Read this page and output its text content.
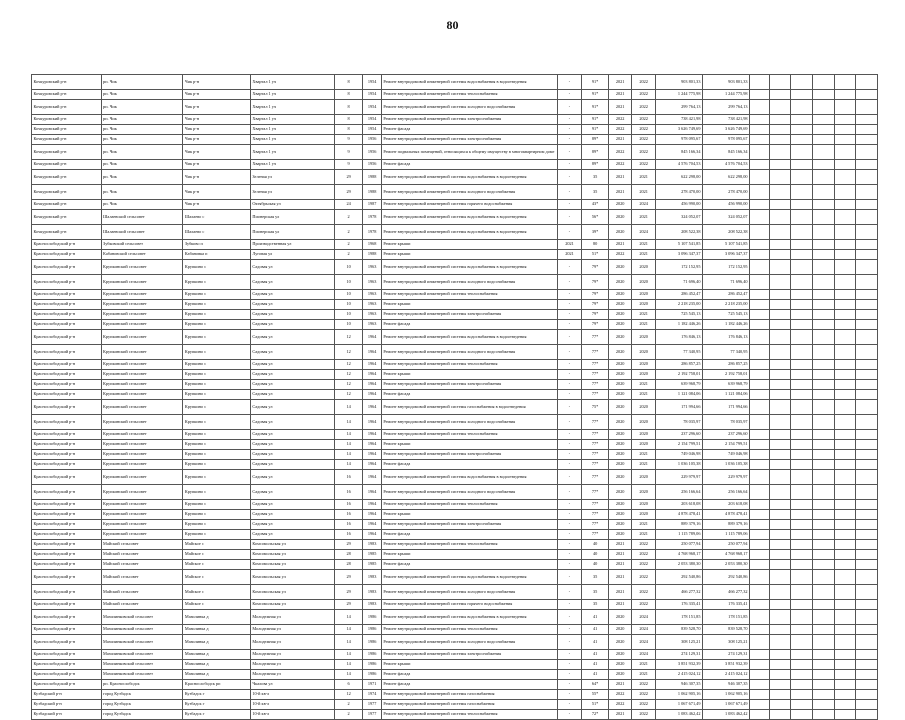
80
Кочкуровский р-н	рп. Чик	Чик р-н	Хвартал 1 уч	8	1954	Ремонт внутридомовой инженерной системы водоснабжения в водоотведения	-	91*	2021	2022	903 801,33	903 801,33						
Кочкуровский р-н	рп. Чик	Чик р-н	Хвартал 1 уч	8	1954	Ремонт внутридомовой инженерной системы теплоснабжения	-	91*	2021	2022	1 244 775,98	1 244 775,98						
Кочкуровский р-н	рп. Чик	Чик р-н	Хвартал 1 уч	8	1954	Ремонт внутридомовой инженерной системы холодного водоснабжения	-	91*	2021	2022	299 764,13	299 764,13						
Кочкуровский р-н	рп. Чик	Чик р-н	Хвартал 1 уч	8	1954	Ремонт внутридомовой инженерной системы электроснабжения	-	91*	2022	2022	738 421,98	738 421,98						
Кочкуровский р-н	рп. Чик	Чик р-н	Хвартал 1 уч	8	1954	Ремонт фасада	-	91*	2022	2022	3 626 749,69	3 626 749,69						
Кочкуровский р-н	рп. Чик	Чик р-н	Хвартал 1 уч	9	1956	Ремонт внутридомовой инженерной системы электроснабжения	-	89*	2021	2022	978 095,67	978 095,67						
Кочкуровский р-н	рп. Чик	Чик р-н	Хвартал 1 уч	9	1956	Ремонт подвальных помещений, относящихся к общему имуществу в многоквартирном доме	-	89*	2022	2022	845 166,34	845 166,34						
Кочкуровский р-н	рп. Чик	Чик р-н	Хвартал 1 уч	9	1956	Ремонт фасада	-	89*	2022	2022	4 576 704,53	4 576 704,53						
Кочкуровский р-н	рп. Чик	Чик р-н	Зеленая ул	29	1988	Ремонт внутридомовой инженерной системы водоснабжения в водоотведения	-	35	2021	2021	622 298,00	622 298,00						
Кочкуровский р-н	рп. Чик	Чик р-н	Зеленая ул	29	1988	Ремонт внутридомовой инженерной системы холодного водоснабжения	-	35	2021	2021	278 470,00	278 470,00						
Кочкуровский р-н	рп. Чик	Чик р-н	Октябрьская ул	24	1987	Ремонт внутридомовой инженерной системы горячего водоснабжения	-	43*	2020	2024	456 990,00	456 990,00						
Кочкуровский р-н	Шалаевский сельсовет	Шалаево с	Пионерская ул	2	1978	Ремонт внутридомовой инженерной системы водоснабжения в водоотведения	-	56*	2020	2021	324 052,07	324 052,07						
Кочкуровский р-н	Шалаевский сельсовет	Шалаево с	Пионерская ул	2	1978	Ремонт внутридомовой инженерной системы водоснабжения в водоотведения	-	39*	2020	2024	208 522,38	208 522,38						
Краснослободский р-н	Зубковский сельсовет	Зубково п	Производственная ул	2	1968	Ремонт крыши	2021	80	2021	2021	5 107 541,85	5 107 541,85						
Краснослободский р-н	Кабановский сельсовет	Кабановка п	Луговая ул	2	1988	Ремонт крыши	2021	51*	2022	2021	3 096 347,37	3 096 347,37						
Краснослободский р-н	Крупкинский сельсовет	Крупкино с	Садовая ул	10	1963	Ремонт внутридомовой инженерной системы водоснабжения в водоотведения	-	79*	2020	2020	172 152,95	172 152,95						
Краснослободский р-н	Крупкинский сельсовет	Крупкино с	Садовая ул	10	1963	Ремонт внутридомовой инженерной системы холодного водоснабжения	-	79*	2020	2020	71 696,40	71 696,40						
Краснослободский р-н	Крупкинский сельсовет	Крупкино с	Садовая ул	10	1963	Ремонт внутридомовой инженерной системы теплоснабжения	-	79*	2020	2020	286 452,47	286 452,47						
Краснослободский р-н	Крупкинский сельсовет	Крупкино с	Садовая ул	10	1963	Ремонт крыши	-	79*	2020	2020	2 218 235,00	2 218 235,00						
Краснослободский р-н	Крупкинский сельсовет	Крупкино с	Садовая ул	10	1963	Ремонт внутридомовой инженерной системы электроснабжения	-	79*	2020	2021	725 545,13	725 545,13						
Краснослободский р-н	Крупкинский сельсовет	Крупкино с	Садовая ул	10	1963	Ремонт фасада	-	79*	2020	2021	1 182 446,26	1 182 446,26						
Краснослободский р-н	Крупкинский сельсовет	Крупкино с	Садовая ул	12	1964	Ремонт внутридомовой инженерной системы водоснабжения в водоотведения	-	77*	2020	2020	176 846,13	176 846,13						
Краснослободский р-н	Крупкинский сельсовет	Крупкино с	Садовая ул	12	1964	Ремонт внутридомовой инженерной системы холодного водоснабжения	-	77*	2020	2020	77 340,95	77 340,95						
Краснослободский р-н	Крупкинский сельсовет	Крупкино с	Садовая ул	12	1964	Ремонт внутридомовой инженерной системы теплоснабжения	-	77*	2020	2020	286 857,25	286 857,25						
Краснослободский р-н	Крупкинский сельсовет	Крупкино с	Садовая ул	12	1964	Ремонт крыши	-	77*	2020	2020	2 192 758,01	2 192 758,01						
Краснослободский р-н	Крупкинский сельсовет	Крупкино с	Садовая ул	12	1964	Ремонт внутридомовой инженерной системы электроснабжения	-	77*	2020	2021	639 968,79	639 968,79						
Краснослободский р-н	Крупкинский сельсовет	Крупкино с	Садовая ул	12	1964	Ремонт фасада	-	77*	2020	2021	1 121 084,06	1 121 084,06						
Краснослободский р-н	Крупкинский сельсовет	Крупкино с	Садовая ул	14	1964	Ремонт внутридомовой инженерной системы газоснабжения в водоотведения	-	75*	2020	2020	171 994,66	171 994,66						
Краснослободский р-н	Крупкинский сельсовет	Крупкино с	Садовая ул	14	1964	Ремонт внутридомовой инженерной системы холодного водоснабжения	-	77*	2020	2020	78 035,97	78 035,97						
Краснослободский р-н	Крупкинский сельсовет	Крупкино с	Садовая ул	14	1964	Ремонт внутридомовой инженерной системы теплоснабжения	-	77*	2020	2020	237 296,60	237 296,60						
Краснослободский р-н	Крупкинский сельсовет	Крупкино с	Садовая ул	14	1964	Ремонт крыши	-	77*	2020	2020	2 154 799,51	2 154 799,51						
Краснослободский р-н	Крупкинский сельсовет	Крупкино с	Садовая ул	14	1964	Ремонт внутридомовой инженерной системы электроснабжения	-	77*	2020	2021	749 046,98	749 046,98						
Краснослободский р-н	Крупкинский сельсовет	Крупкино с	Садовая ул	14	1964	Ремонт фасада	-	77*	2020	2021	1 036 105,38	1 036 105,38						
Краснослободский р-н	Крупкинский сельсовет	Крупкино с	Садовая ул	16	1964	Ремонт внутридомовой инженерной системы водоснабжения в водоотведения	-	77*	2020	2020	229 979,97	229 979,97						
Краснослободский р-н	Крупкинский сельсовет	Крупкино с	Садовая ул	16	1964	Ремонт внутридомовой инженерной системы холодного водоснабжения	-	77*	2020	2020	256 166,64	256 166,64						
Краснослободский р-н	Крупкинский сельсовет	Крупкино с	Садовая ул	16	1964	Ремонт внутридомовой инженерной системы теплоснабжения	-	77*	2020	2020	203 618,08	203 618,08						
Краснослободский р-н	Крупкинский сельсовет	Крупкино с	Садовая ул	16	1964	Ремонт крыши	-	77*	2020	2020	4 878 478,41	4 878 478,41						
Краснослободский р-н	Крупкинский сельсовет	Крупкино с	Садовая ул	16	1964	Ремонт внутридомовой инженерной системы электроснабжения	-	77*	2020	2021	889 379,16	889 379,16						
Краснослободский р-н	Крупкинский сельсовет	Крупкино с	Садовая ул	16	1964	Ремонт фасада	-	77*	2020	2021	1 115 789,06	1 115 789,06						
Краснослободский р-н	Майский сельсовет	Майское с	Комсомольская ул	29	1983	Ремонт внутридомовой инженерной системы теплоснабжения	-	40	2021	2022	250 077,94	250 077,94						
Краснослободский р-н	Майский сельсовет	Майское с	Комсомольская ул	28	1985	Ремонт крыши	-	40	2021	2022	4 768 968,17	4 768 968,17						
Краснослободский р-н	Майский сельсовет	Майское с	Комсомольская ул	28	1985	Ремонт фасада	-	40	2021	2022	2 053 380,30	2 053 380,30						
Краснослободский р-н	Майский сельсовет	Майское с	Комсомольская ул	29	1983	Ремонт внутридомовой инженерной системы водоснабжения в водоотведения	-	35	2021	2022	292 540,86	292 540,86						
Краснослободский р-н	Майский сельсовет	Майское с	Комсомольская ул	29	1983	Ремонт внутридомовой инженерной системы холодного водоснабжения	-	35	2021	2022	466 277,32	466 277,32						
Краснослободский р-н	Майский сельсовет	Майское с	Комсомольская ул	29	1983	Ремонт внутридомовой инженерной системы горячего водоснабжения	-	35	2021	2022	176 335,41	176 335,41						
Краснослободский р-н	Мазилинковский сельсовет	Мазилинка д	Молодежная ул	14	1986	Ремонт внутридомовой инженерной системы водоснабжения в водоотведения	-	41	2020	2024	178 151,85	178 151,85						
Краснослободский р-н	Мазилинковский сельсовет	Мазилинка д	Молодежная ул	14	1986	Ремонт внутридомовой инженерной системы теплоснабжения	-	41	2020	2024	839 528,70	839 528,70						
Краснослободский р-н	Мазилинковский сельсовет	Мазилинка д	Молодежная ул	14	1986	Ремонт внутридомовой инженерной системы холодного водоснабжения	-	41	2020	2024	308 125,21	308 125,21						
Краснослободский р-н	Мазилинковский сельсовет	Мазилинка д	Молодежная ул	14	1986	Ремонт внутридомовой инженерной системы электроснабжения	-	41	2020	2024	274 129,31	274 129,31						
Краснослободский р-н	Мазилинковский сельсовет	Мазилинка д	Молодежная ул	14	1986	Ремонт крыши	-	41	2020	2021	3 851 932,39	3 851 932,39						
Краснослободский р-н	Мазилинковский сельсовет	Мазилинка д	Молодежная ул	14	1986	Ремонт фасада	-	41	2020	2021	2 415 024,12	2 415 024,12						
Краснослободский р-н	рп. Краснослободск	Краснослободск рп	Чкалова ул	6	1971	Ремонт фасада	-	64*	2021	2022	946 307,35	946 307,35						
Кузбадский р-н	город Кузбадск	Кузбадск г	10-й кв-л	12	1974	Ремонт внутридомовой инженерной системы газоснабжения	-	55*	2022	2022	1 062 905,16	1 062 905,16						
Кузбадский р-н	город Кузбадск	Кузбадск г	10-й кв-л	2	1977	Ремонт внутридомовой инженерной системы газоснабжения	-	51*	2022	2022	1 067 671,49	1 067 671,49						
Кузбадский р-н	город Кузбадск	Кузбадск г	10-й кв-л	2	1977	Ремонт внутридомовой инженерной системы теплоснабжения	-	72*	2021	2022	1 083 462,42	1 083 462,42						
